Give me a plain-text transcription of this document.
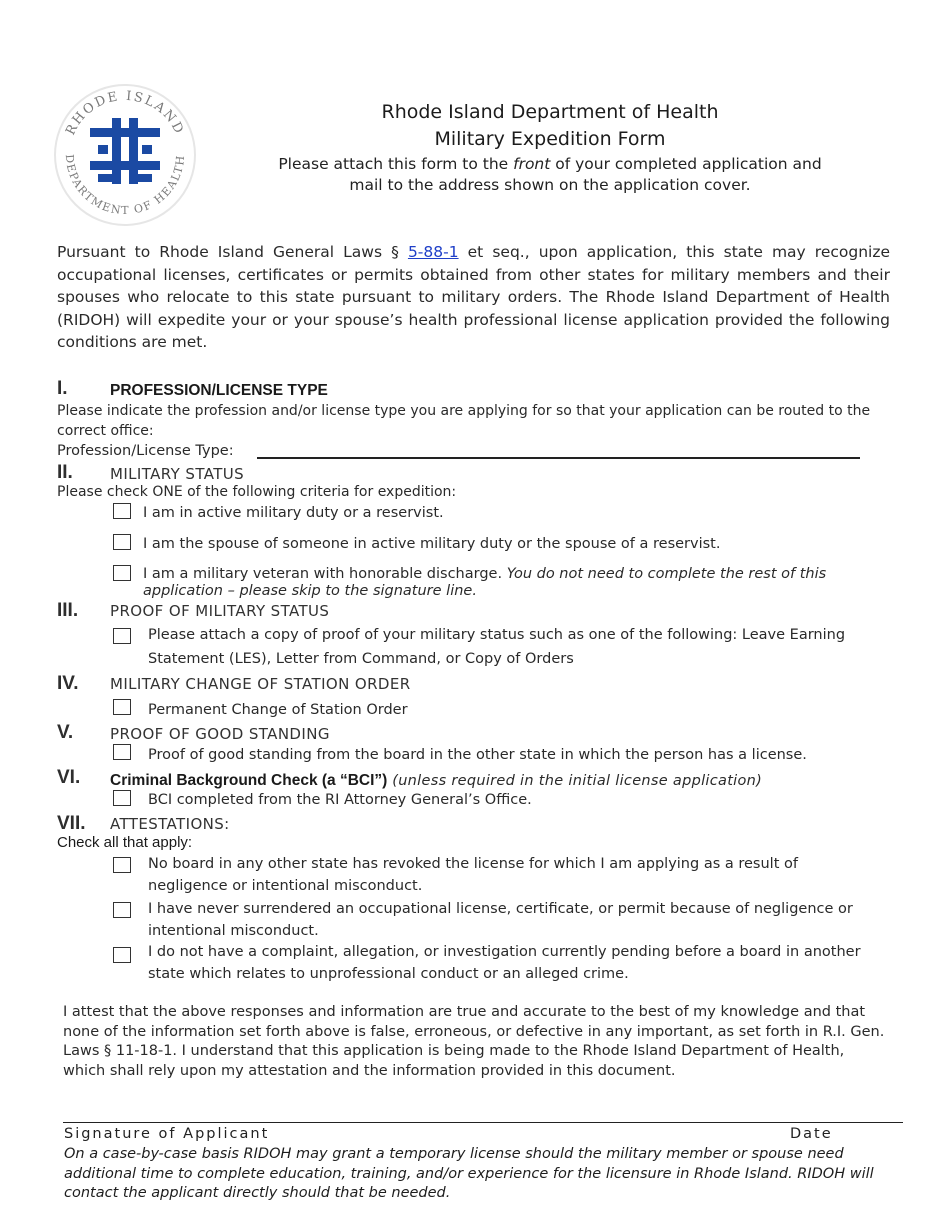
RHODE ISLAND
DEPARTMENT OF HEALTH
Rhode Island Department of Health
Military Expedition Form
Please attach this form to the front of your completed application and
mail to the address shown on the application cover.
Pursuant to Rhode Island General Laws § 5-88-1 et seq., upon application, this state may recognize occupational licenses, certificates or permits obtained from other states for military members and their spouses who relocate to this state pursuant to military orders. The Rhode Island Department of Health (RIDOH) will expedite your or your spouse’s health professional license application provided the following conditions are met.
I.	PROFESSION/LICENSE TYPE
Please indicate the profession and/or license type you are applying for so that your application can be routed to the correct office:
Profession/License Type:
II. MILITARY STATUS
Please check ONE of the following criteria for expedition:
I am in active military duty or a reservist.
I am the spouse of someone in active military duty or the spouse of a reservist.
I am a military veteran with honorable discharge. You do not need to complete the rest of this
application – please skip to the signature line.
III. PROOF OF MILITARY STATUS
Please attach a copy of proof of your military status such as one of the following: Leave Earning
Statement (LES), Letter from Command, or Copy of Orders
IV. MILITARY CHANGE OF STATION ORDER
Permanent Change of Station Order
V. PROOF OF GOOD STANDING
Proof of good standing from the board in the other state in which the person has a license.
VI. Criminal Background Check (a “BCI”) (unless required in the initial license application)
BCI completed from the RI Attorney General’s Office.
VII. ATTESTATIONS:
Check all that apply:
No board in any other state has revoked the license for which I am applying as a result of
negligence or intentional misconduct.
I have never surrendered an occupational license, certificate, or permit because of negligence or
intentional misconduct.
I do not have a complaint, allegation, or investigation currently pending before a board in another
state which relates to unprofessional conduct or an alleged crime.
I attest that the above responses and information are true and accurate to the best of my knowledge and that none of the information set forth above is false, erroneous, or defective in any important, as set forth in R.I. Gen. Laws § 11-18-1. I understand that this application is being made to the Rhode Island Department of Health, which shall rely upon my attestation and the information provided in this document.
Signature of Applicant	Date
On a case-by-case basis RIDOH may grant a temporary license should the military member or spouse need additional time to complete education, training, and/or experience for the licensure in Rhode Island. RIDOH will contact the applicant directly should that be needed.
